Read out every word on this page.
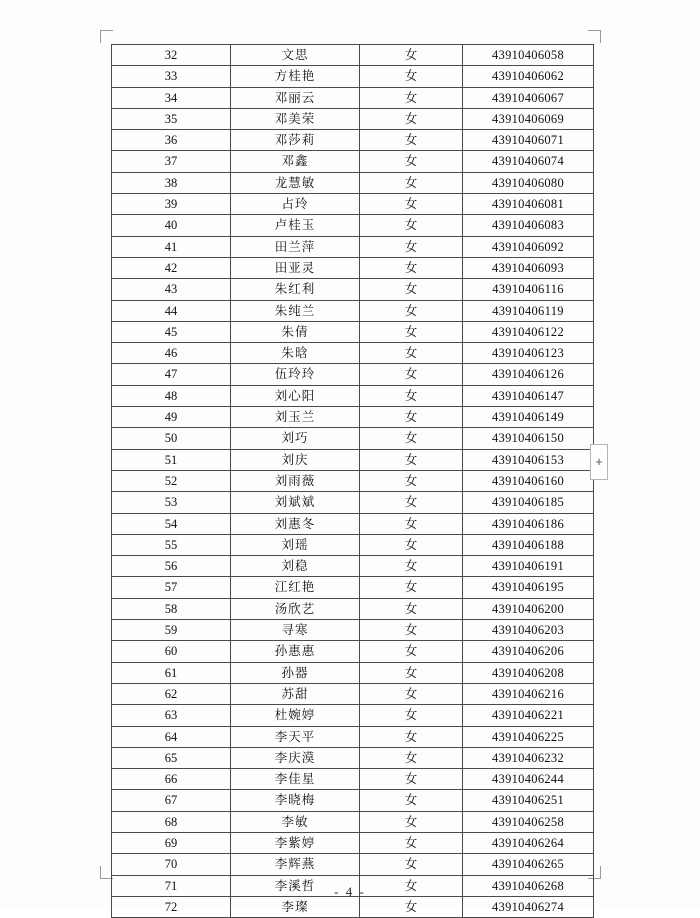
32	文思	女	43910406058
33	方桂艳	女	43910406062
34	邓丽云	女	43910406067
35	邓美荣	女	43910406069
36	邓莎莉	女	43910406071
37	邓鑫	女	43910406074
38	龙慧敏	女	43910406080
39	占玲	女	43910406081
40	卢桂玉	女	43910406083
41	田兰萍	女	43910406092
42	田亚灵	女	43910406093
43	朱红利	女	43910406116
44	朱纯兰	女	43910406119
45	朱倩	女	43910406122
46	朱晗	女	43910406123
47	伍玲玲	女	43910406126
48	刘心阳	女	43910406147
49	刘玉兰	女	43910406149
50	刘巧	女	43910406150
51	刘庆	女	43910406153
52	刘雨薇	女	43910406160
53	刘斌斌	女	43910406185
54	刘惠冬	女	43910406186
55	刘瑶	女	43910406188
56	刘稳	女	43910406191
57	江红艳	女	43910406195
58	汤欣艺	女	43910406200
59	寻寒	女	43910406203
60	孙惠惠	女	43910406206
61	孙器	女	43910406208
62	苏甜	女	43910406216
63	杜婉婷	女	43910406221
64	李天平	女	43910406225
65	李庆漠	女	43910406232
66	李佳星	女	43910406244
67	李晓梅	女	43910406251
68	李敏	女	43910406258
69	李紫婷	女	43910406264
70	李辉燕	女	43910406265
71	李溪哲	女	43910406268
72	李璨	女	43910406274
+
- 4 -
